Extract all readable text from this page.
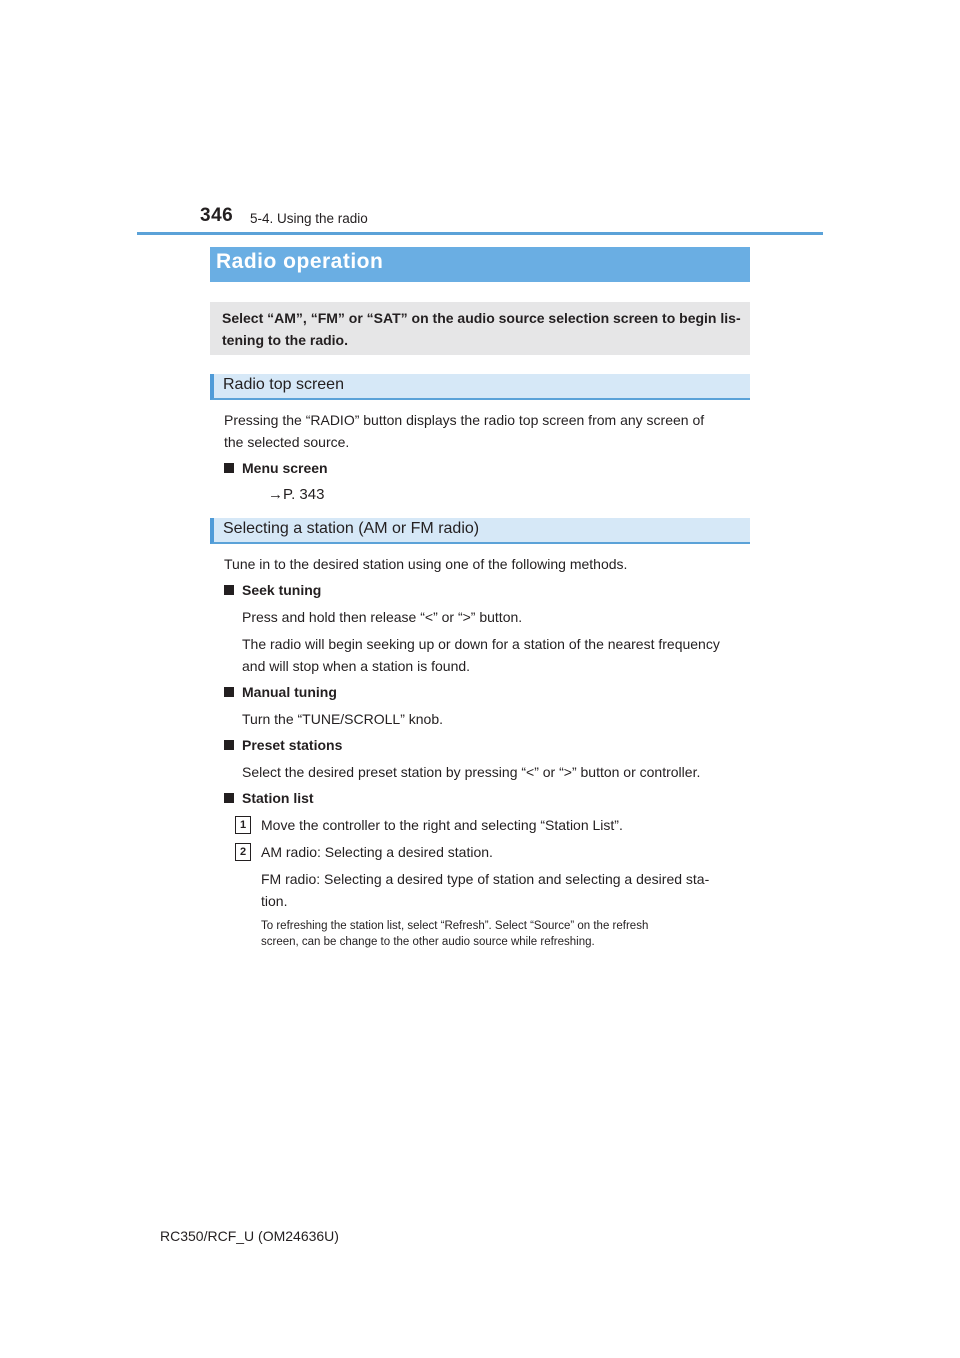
346 5-4. Using the radio
Radio operation

Select “AM”, “FM” or “SAT” on the audio source selection screen to begin lis-tening to the radio.

Radio top screen
Pressing the “RADIO” button displays the radio top screen from any screen of
the selected source.
Menu screen
→P. 343
Selecting a station (AM or FM radio)
Tune in to the desired station using one of the following methods.
Seek tuning
Press and hold then release “<” or “>” button.
The radio will begin seeking up or down for a station of the nearest frequency
and will stop when a station is found.
Manual tuning
Turn the “TUNE/SCROLL” knob.
Preset stations
Select the desired preset station by pressing “<” or “>” button or controller.
Station list
1	Move the controller to the right and selecting “Station List”.
2	AM radio: Selecting a desired station.
FM radio: Selecting a desired type of station and selecting a desired sta-
tion.
To refreshing the station list, select “Refresh”. Select “Source” on the refresh
screen, can be change to the other audio source while refreshing.
RC350/RCF_U (OM24636U)
